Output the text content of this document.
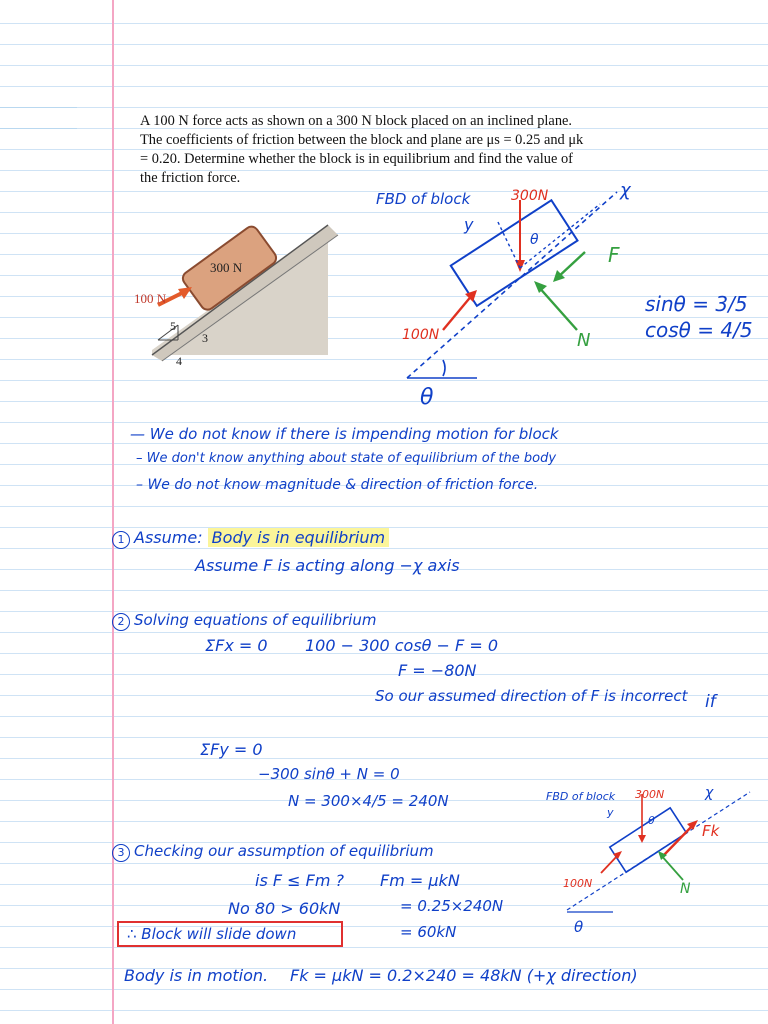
A 100 N force acts as shown on a 300 N block placed on an inclined plane.
The coefficients of friction between the block and plane are μs = 0.25 and μk
= 0.20. Determine whether the block is in equilibrium and find the value of
the friction force.
300 N
100 N
5
3
4
FBD of block	300N	χ
y
θ
F
N
100N
θ
sinθ = 3/5
cosθ = 4/5
— We do not know if there is impending motion for block
– We don't know anything about state of equilibrium of the body
– We do not know magnitude & direction of friction force.
1 Assume: Body is in equilibrium
Assume F is acting along −χ axis
2 Solving equations of equilibrium
ΣFx = 0 100 − 300 cosθ − F = 0
F = −80N
So our assumed direction of F is incorrect if
ΣFy = 0
−300 sinθ + N = 0
N = 300×4/5 = 240N
3 Checking our assumption of equilibrium
is F ≤ Fm ? Fm = μkN
No 80 > 60kN	= 0.25×240N
∴ Block will slide down	= 60kN
FBD of block 300N	χ
y
θ
Fk
100N	N
θ
Body is in motion. Fk = μkN = 0.2×240 = 48kN (+χ direction)
